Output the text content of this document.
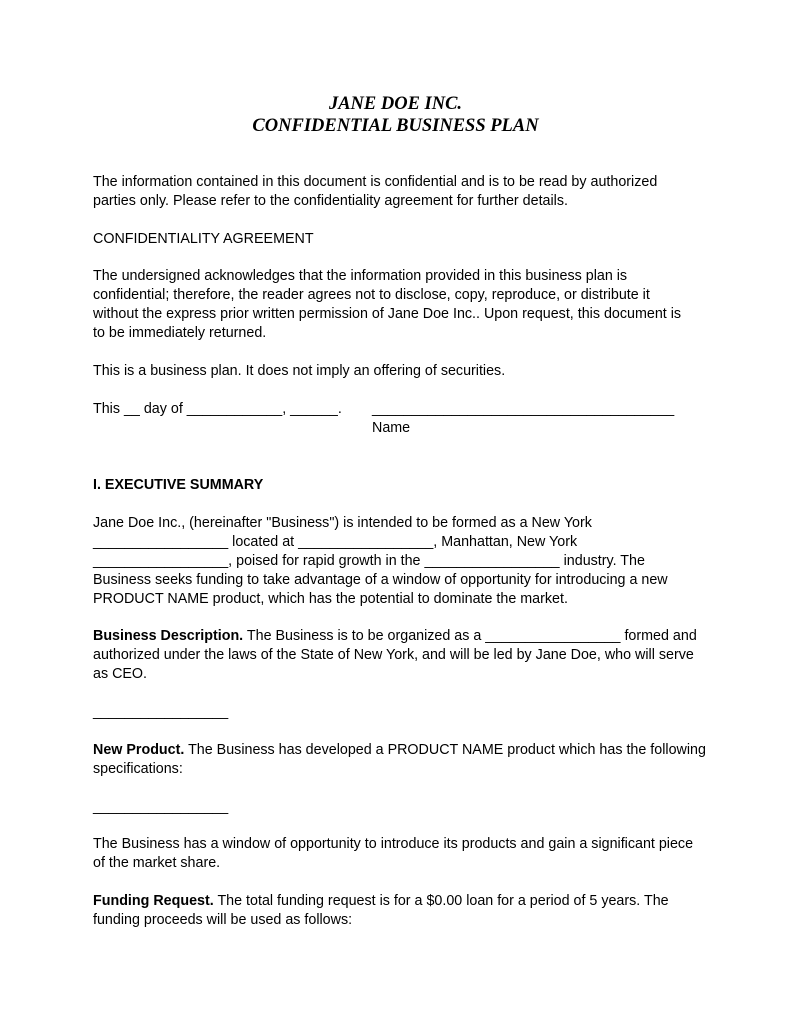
JANE DOE INC.
CONFIDENTIAL BUSINESS PLAN

The information contained in this document is confidential and is to be read by authorized
parties only. Please refer to the confidentiality agreement for further details.

CONFIDENTIALITY AGREEMENT

The undersigned acknowledges that the information provided in this business plan is
confidential; therefore, the reader agrees not to disclose, copy, reproduce, or distribute it
without the express prior written permission of Jane Doe Inc.. Upon request, this document is
to be immediately returned.

This is a business plan. It does not imply an offering of securities.

This __ day of ____________, ______.	______________________________________
Name

I. EXECUTIVE SUMMARY

Jane Doe Inc., (hereinafter "Business") is intended to be formed as a New York
_________________ located at _________________, Manhattan, New York
_________________, poised for rapid growth in the _________________ industry. The
Business seeks funding to take advantage of a window of opportunity for introducing a new
PRODUCT NAME product, which has the potential to dominate the market.

Business Description. The Business is to be organized as a _________________ formed and
authorized under the laws of the State of New York, and will be led by Jane Doe, who will serve
as CEO.

_________________

New Product. The Business has developed a PRODUCT NAME product which has the following
specifications:

_________________

The Business has a window of opportunity to introduce its products and gain a significant piece
of the market share.

Funding Request. The total funding request is for a $0.00 loan for a period of 5 years. The
funding proceeds will be used as follows:
